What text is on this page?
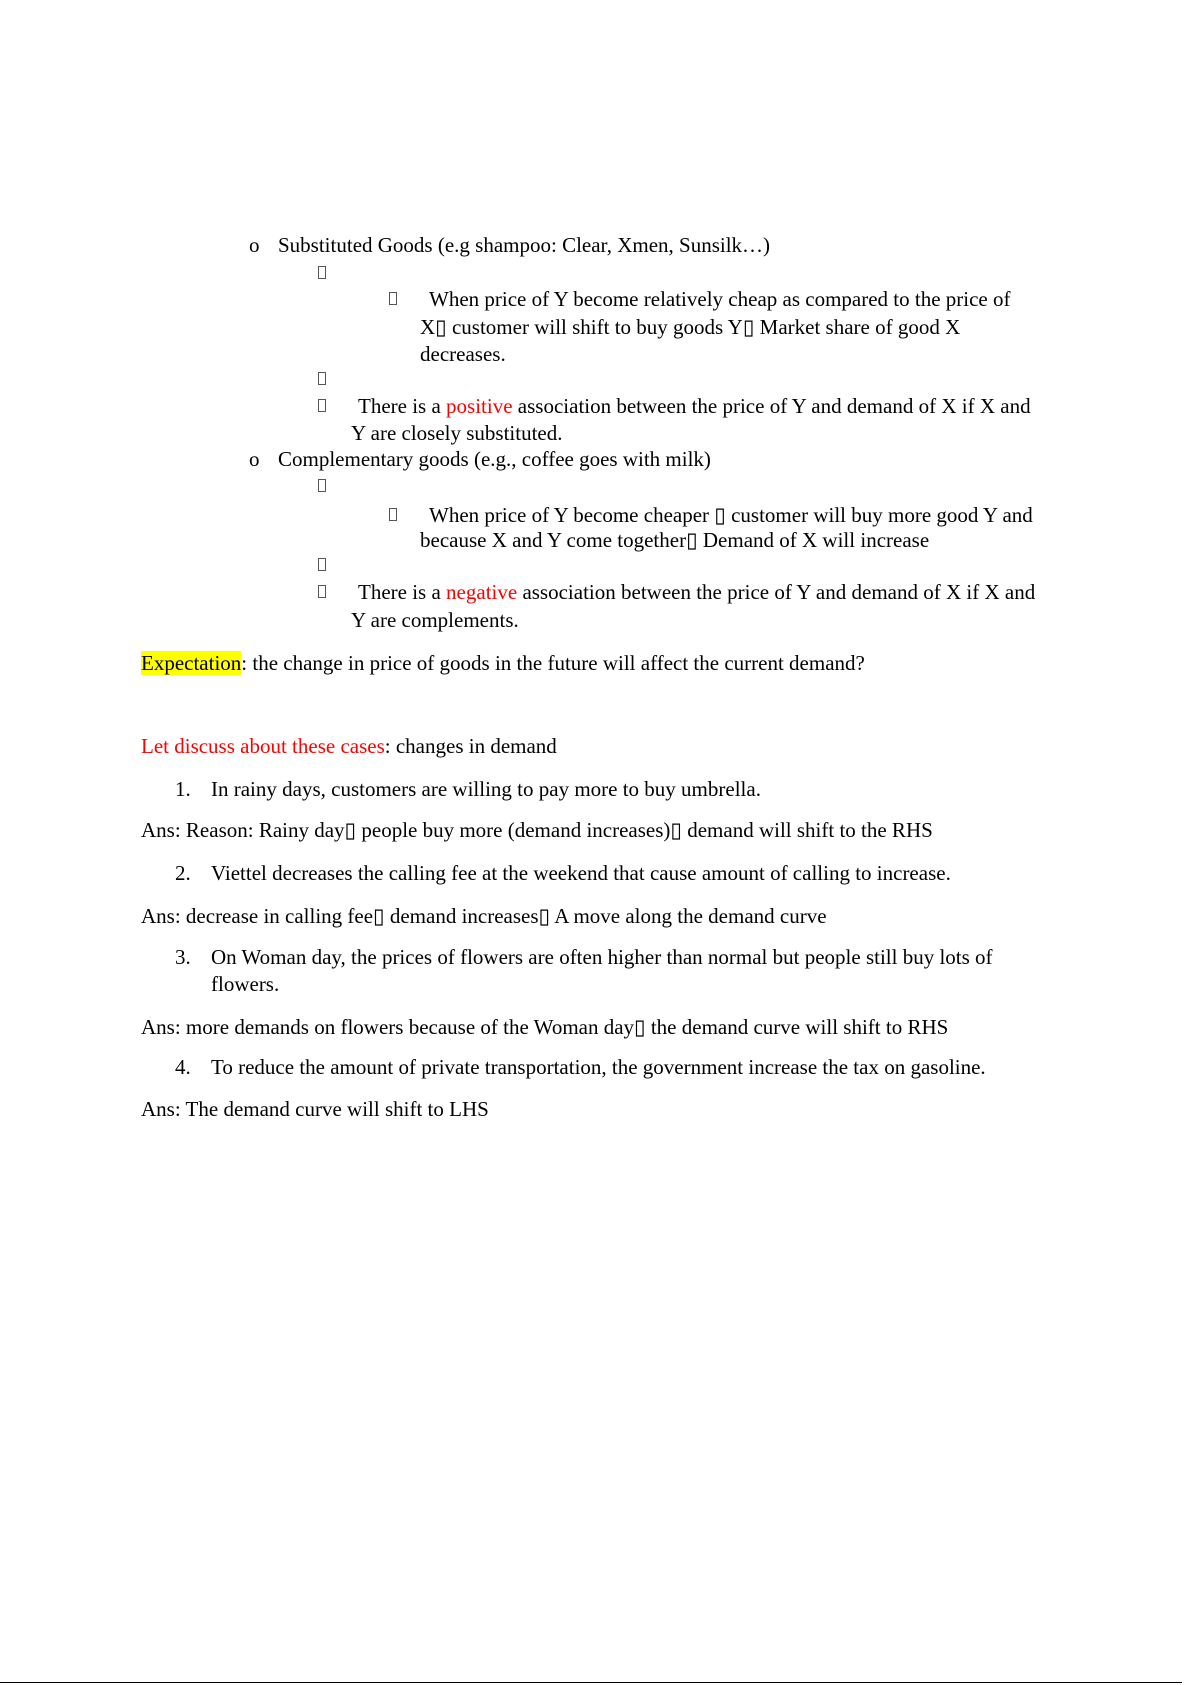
o Substituted Goods (e.g shampoo: Clear, Xmen, Sunsilk…)
When price of Y become relatively cheap as compared to the price of
X▯ customer will shift to buy goods Y▯ Market share of good X
decreases.
There is a positive association between the price of Y and demand of X if X and
Y are closely substituted.
o Complementary goods (e.g., coffee goes with milk)
When price of Y become cheaper ▯ customer will buy more good Y and
because X and Y come together▯ Demand of X will increase
There is a negative association between the price of Y and demand of X if X and
Y are complements.
Expectation: the change in price of goods in the future will affect the current demand?
Let discuss about these cases: changes in demand
1. In rainy days, customers are willing to pay more to buy umbrella.
Ans: Reason: Rainy day▯ people buy more (demand increases)▯ demand will shift to the RHS
2. Viettel decreases the calling fee at the weekend that cause amount of calling to increase.
Ans: decrease in calling fee▯ demand increases▯ A move along the demand curve
3. On Woman day, the prices of flowers are often higher than normal but people still buy lots of
flowers.
Ans: more demands on flowers because of the Woman day▯ the demand curve will shift to RHS
4. To reduce the amount of private transportation, the government increase the tax on gasoline.
Ans: The demand curve will shift to LHS
